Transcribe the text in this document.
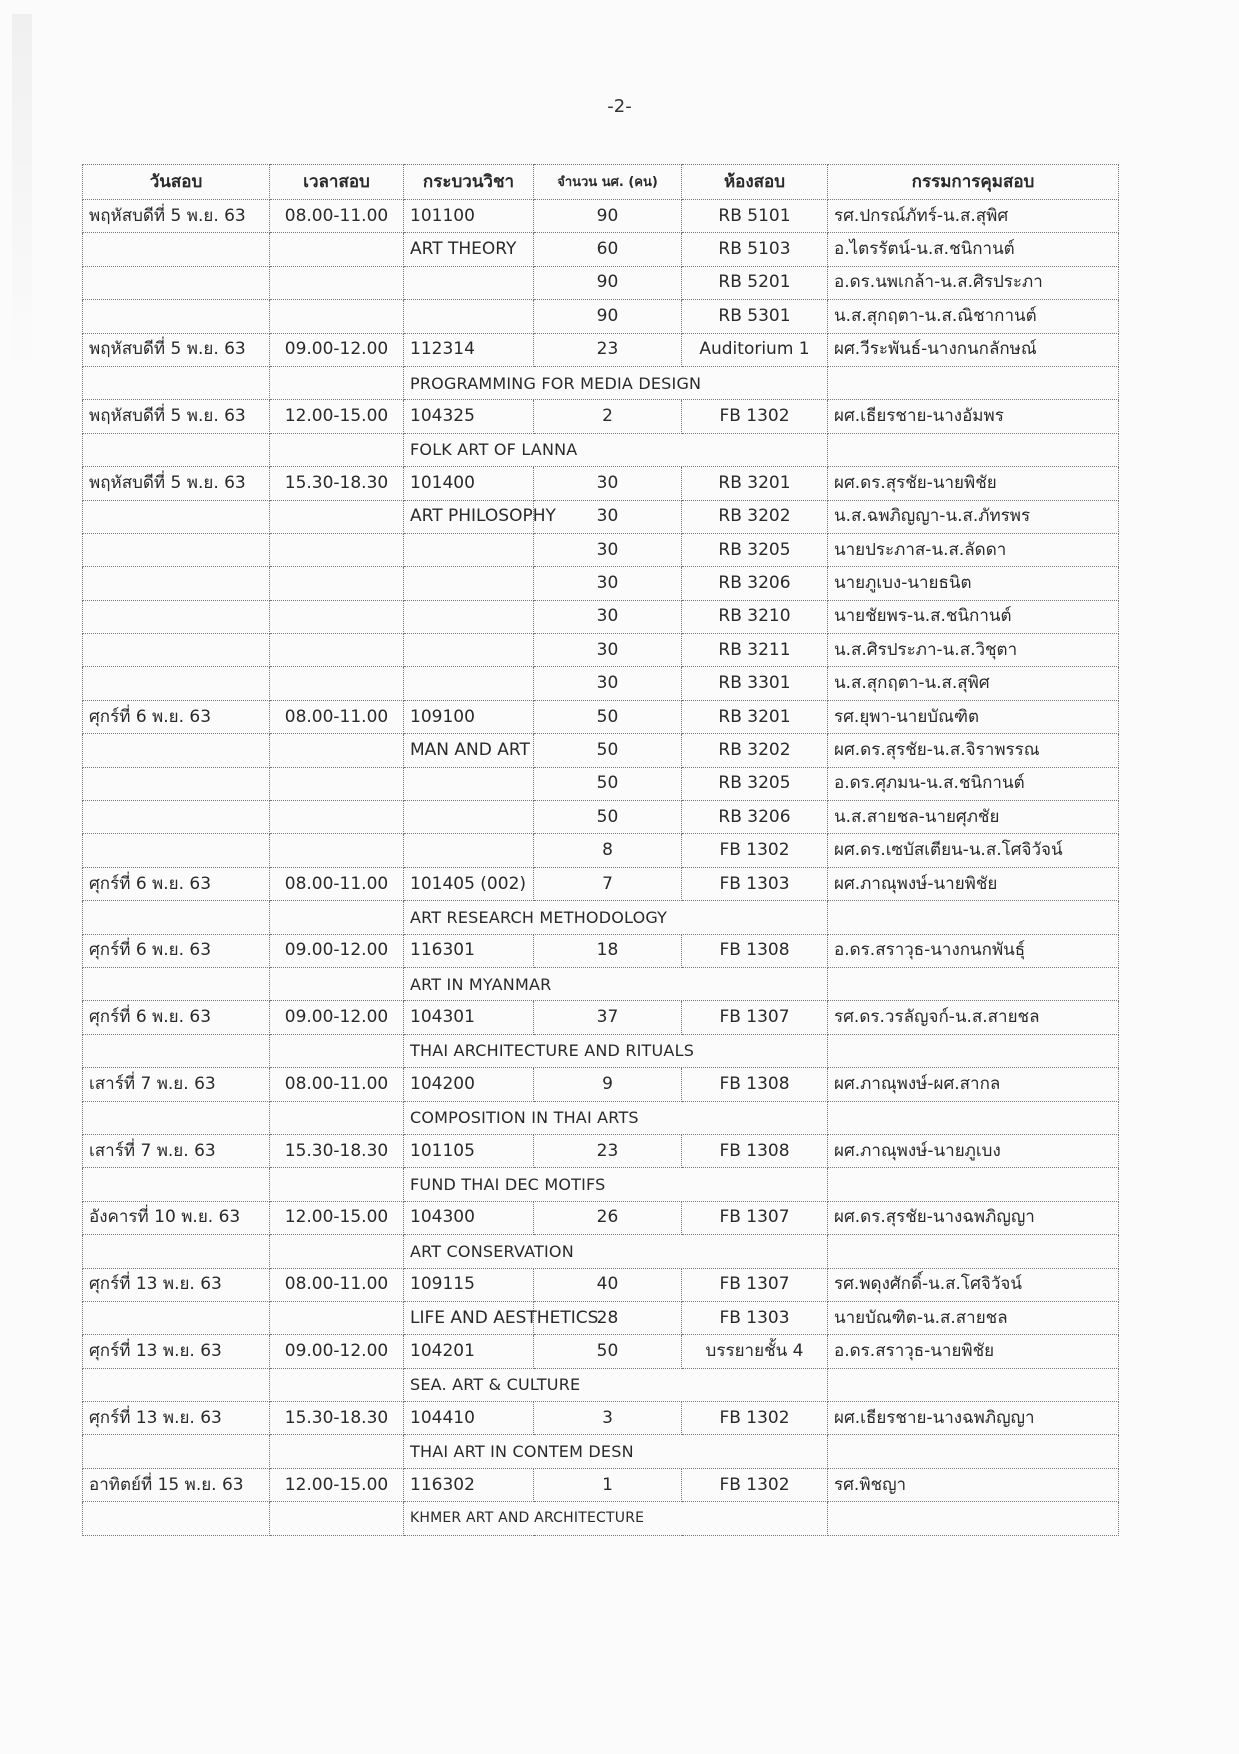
-2-
วันสอบ	เวลาสอบ	กระบวนวิชา	จำนวน นศ. (คน)	ห้องสอบ	กรรมการคุมสอบ
พฤหัสบดีที่ 5 พ.ย. 63	08.00-11.00	101100	90	RB 5101	รศ.ปกรณ์ภัทร์-น.ส.สุพิศ
		ART THEORY	60	RB 5103	อ.ไตรรัตน์-น.ส.ชนิกานต์
			90	RB 5201	อ.ดร.นพเกล้า-น.ส.ศิรประภา
			90	RB 5301	น.ส.สุกฤตา-น.ส.ณิชากานต์
พฤหัสบดีที่ 5 พ.ย. 63	09.00-12.00	112314	23	Auditorium 1	ผศ.วีระพันธ์-นางกนกลักษณ์
		PROGRAMMING FOR MEDIA DESIGN			
พฤหัสบดีที่ 5 พ.ย. 63	12.00-15.00	104325	2	FB 1302	ผศ.เธียรชาย-นางอัมพร
		FOLK ART OF LANNA			
พฤหัสบดีที่ 5 พ.ย. 63	15.30-18.30	101400	30	RB 3201	ผศ.ดร.สุรชัย-นายพิชัย
		ART PHILOSOPHY	30	RB 3202	น.ส.ฉพภิญญา-น.ส.ภัทรพร
			30	RB 3205	นายประภาส-น.ส.ลัดดา
			30	RB 3206	นายภูเบง-นายธนิต
			30	RB 3210	นายชัยพร-น.ส.ชนิกานต์
			30	RB 3211	น.ส.ศิรประภา-น.ส.วิชุตา
			30	RB 3301	น.ส.สุกฤตา-น.ส.สุพิศ
ศุกร์ที่ 6 พ.ย. 63	08.00-11.00	109100	50	RB 3201	รศ.ยุพา-นายบัณฑิต
		MAN AND ART	50	RB 3202	ผศ.ดร.สุรชัย-น.ส.จิราพรรณ
			50	RB 3205	อ.ดร.ศุภมน-น.ส.ชนิกานต์
			50	RB 3206	น.ส.สายชล-นายศุภชัย
			8	FB 1302	ผศ.ดร.เซบัสเตียน-น.ส.โศจิวัจน์
ศุกร์ที่ 6 พ.ย. 63	08.00-11.00	101405 (002)	7	FB 1303	ผศ.ภาณุพงษ์-นายพิชัย
		ART RESEARCH METHODOLOGY			
ศุกร์ที่ 6 พ.ย. 63	09.00-12.00	116301	18	FB 1308	อ.ดร.สราวุธ-นางกนกพันธุ์
		ART IN MYANMAR			
ศุกร์ที่ 6 พ.ย. 63	09.00-12.00	104301	37	FB 1307	รศ.ดร.วรลัญจก์-น.ส.สายชล
		THAI ARCHITECTURE AND RITUALS			
เสาร์ที่ 7 พ.ย. 63	08.00-11.00	104200	9	FB 1308	ผศ.ภาณุพงษ์-ผศ.สากล
		COMPOSITION IN THAI ARTS			
เสาร์ที่ 7 พ.ย. 63	15.30-18.30	101105	23	FB 1308	ผศ.ภาณุพงษ์-นายภูเบง
		FUND THAI DEC MOTIFS			
อังคารที่ 10 พ.ย. 63	12.00-15.00	104300	26	FB 1307	ผศ.ดร.สุรชัย-นางฉพภิญญา
		ART CONSERVATION			
ศุกร์ที่ 13 พ.ย. 63	08.00-11.00	109115	40	FB 1307	รศ.พดุงศักดิ์-น.ส.โศจิวัจน์
		LIFE AND AESTHETICS	28	FB 1303	นายบัณฑิต-น.ส.สายชล
ศุกร์ที่ 13 พ.ย. 63	09.00-12.00	104201	50	บรรยายชั้น 4	อ.ดร.สราวุธ-นายพิชัย
		SEA. ART & CULTURE			
ศุกร์ที่ 13 พ.ย. 63	15.30-18.30	104410	3	FB 1302	ผศ.เธียรชาย-นางฉพภิญญา
		THAI ART IN CONTEM DESN			
อาทิตย์ที่ 15 พ.ย. 63	12.00-15.00	116302	1	FB 1302	รศ.พิชญา
		KHMER ART AND ARCHITECTURE			
